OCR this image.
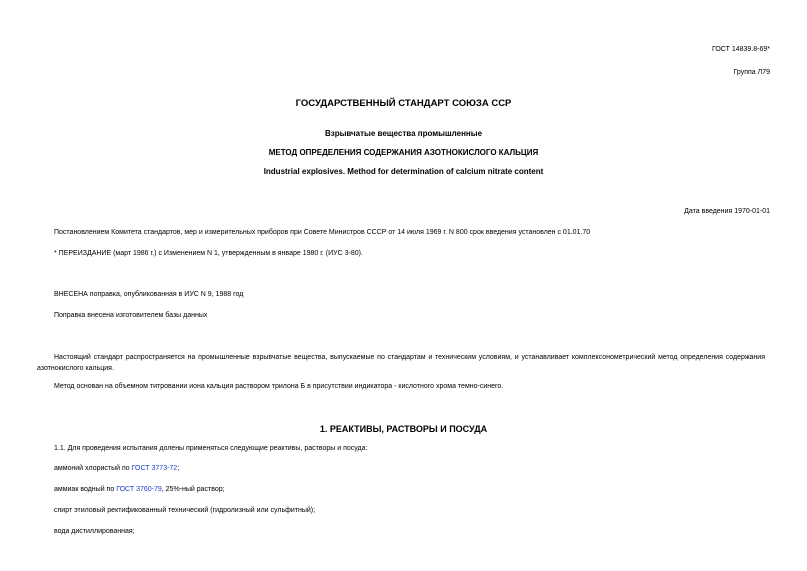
ГОСТ 14839.8-69*
Группа Л79
ГОСУДАРСТВЕННЫЙ СТАНДАРТ СОЮЗА ССР
Взрывчатые вещества промышленные
МЕТОД ОПРЕДЕЛЕНИЯ СОДЕРЖАНИЯ АЗОТНОКИСЛОГО КАЛЬЦИЯ
Industrial explosives. Method for determination of calcium nitrate content
Дата введения 1970-01-01
Постановлением Комитета стандартов, мер и измерительных приборов при Совете Министров СССР от 14 июля 1969 г. N 800 срок введения установлен с 01.01.70
* ПЕРЕИЗДАНИЕ (март 1986 г.) с Изменением N 1, утвержденным в январе 1980 г. (ИУС 3-80).
ВНЕСЕНА поправка, опубликованная в ИУС N 9, 1988 год
Поправка внесена изготовителем базы данных
Настоящий стандарт распространяется на промышленные взрывчатые вещества, выпускаемые по стандартам и техническим условиям, и устанавливает комплексонометрический метод определения содержания азотнокислого кальция.
Метод основан на объемном титровании иона кальция раствором трилона Б в присутствии индикатора - кислотного хрома темно-синего.
1. РЕАКТИВЫ, РАСТВОРЫ И ПОСУДА
1.1. Для проведения испытания долены применяться следующие реактивы, растворы и посуда:
аммоний хлористый по ГОСТ 3773-72;
аммиак водный по ГОСТ 3760-79, 25%-ный раствор;
спирт этиловый ректификованный технический (гидролизный или сульфитный);
вода дистиллированная;
